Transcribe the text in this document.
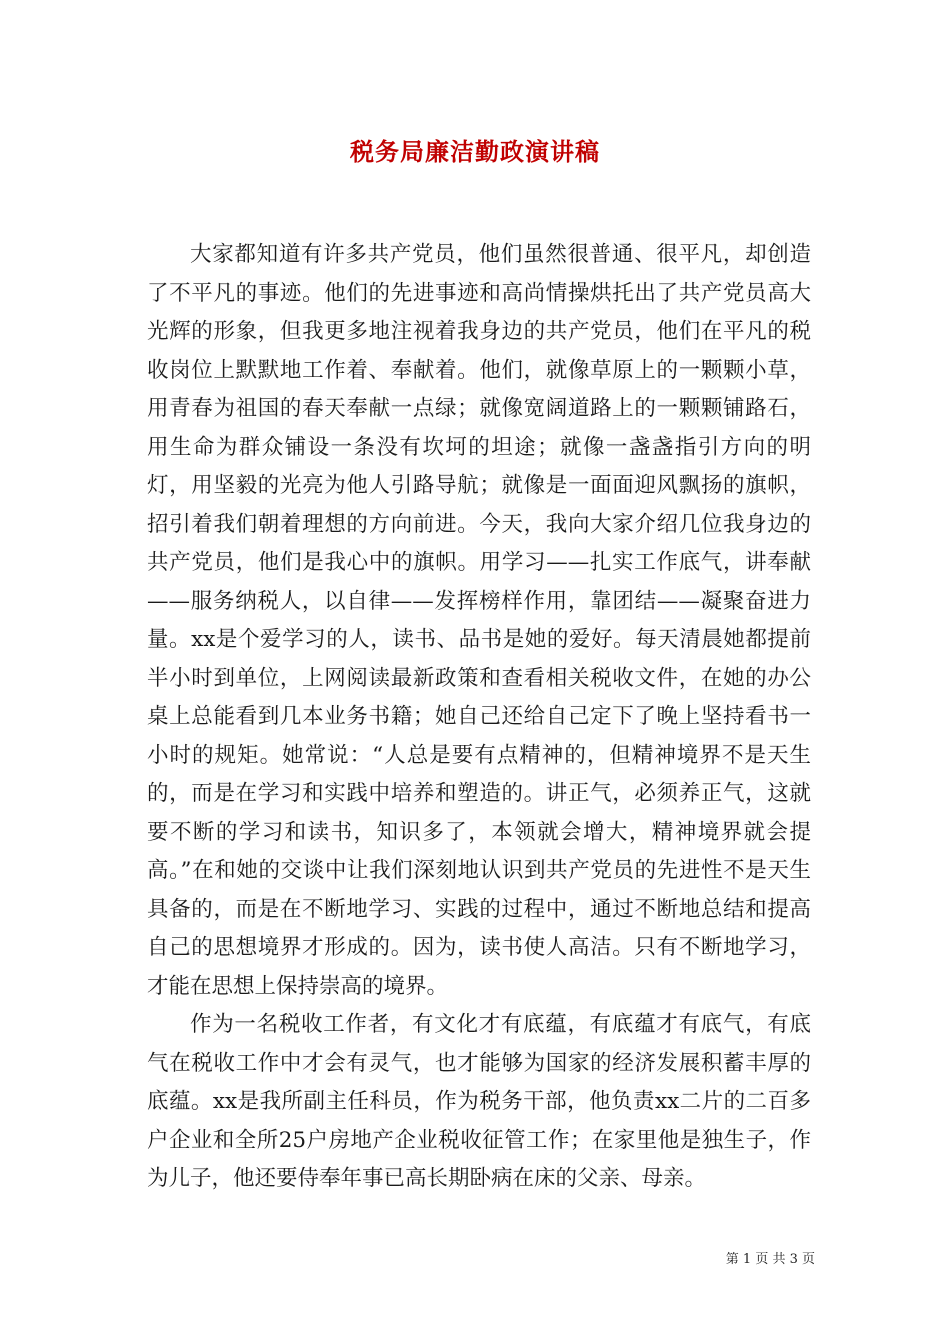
税务局廉洁勤政演讲稿

大家都知道有许多共产党员，他们虽然很普通、很平凡，却创造了不平凡的事迹。他们的先进事迹和高尚情操烘托出了共产党员高大光辉的形象，但我更多地注视着我身边的共产党员，他们在平凡的税收岗位上默默地工作着、奉献着。他们，就像草原上的一颗颗小草，用青春为祖国的春天奉献一点绿；就像宽阔道路上的一颗颗铺路石，用生命为群众铺设一条没有坎坷的坦途；就像一盏盏指引方向的明灯，用坚毅的光亮为他人引路导航；就像是一面面迎风飘扬的旗帜，招引着我们朝着理想的方向前进。今天，我向大家介绍几位我身边的共产党员，他们是我心中的旗帜。用学习——扎实工作底气，讲奉献——服务纳税人，以自律——发挥榜样作用，靠团结——凝聚奋进力量。xx是个爱学习的人，读书、品书是她的爱好。每天清晨她都提前半小时到单位，上网阅读最新政策和查看相关税收文件，在她的办公桌上总能看到几本业务书籍；她自己还给自己定下了晚上坚持看书一小时的规矩。她常说：“人总是要有点精神的，但精神境界不是天生的，而是在学习和实践中培养和塑造的。讲正气，必须养正气，这就要不断的学习和读书，知识多了，本领就会增大，精神境界就会提高。”在和她的交谈中让我们深刻地认识到共产党员的先进性不是天生具备的，而是在不断地学习、实践的过程中，通过不断地总结和提高自己的思想境界才形成的。因为，读书使人高洁。只有不断地学习，才能在思想上保持崇高的境界。

作为一名税收工作者，有文化才有底蕴，有底蕴才有底气，有底气在税收工作中才会有灵气，也才能够为国家的经济发展积蓄丰厚的底蕴。xx是我所副主任科员，作为税务干部，他负责xx二片的二百多户企业和全所25户房地产企业税收征管工作；在家里他是独生子，作为儿子，他还要侍奉年事已高长期卧病在床的父亲、母亲。

第 1 页 共 3 页
